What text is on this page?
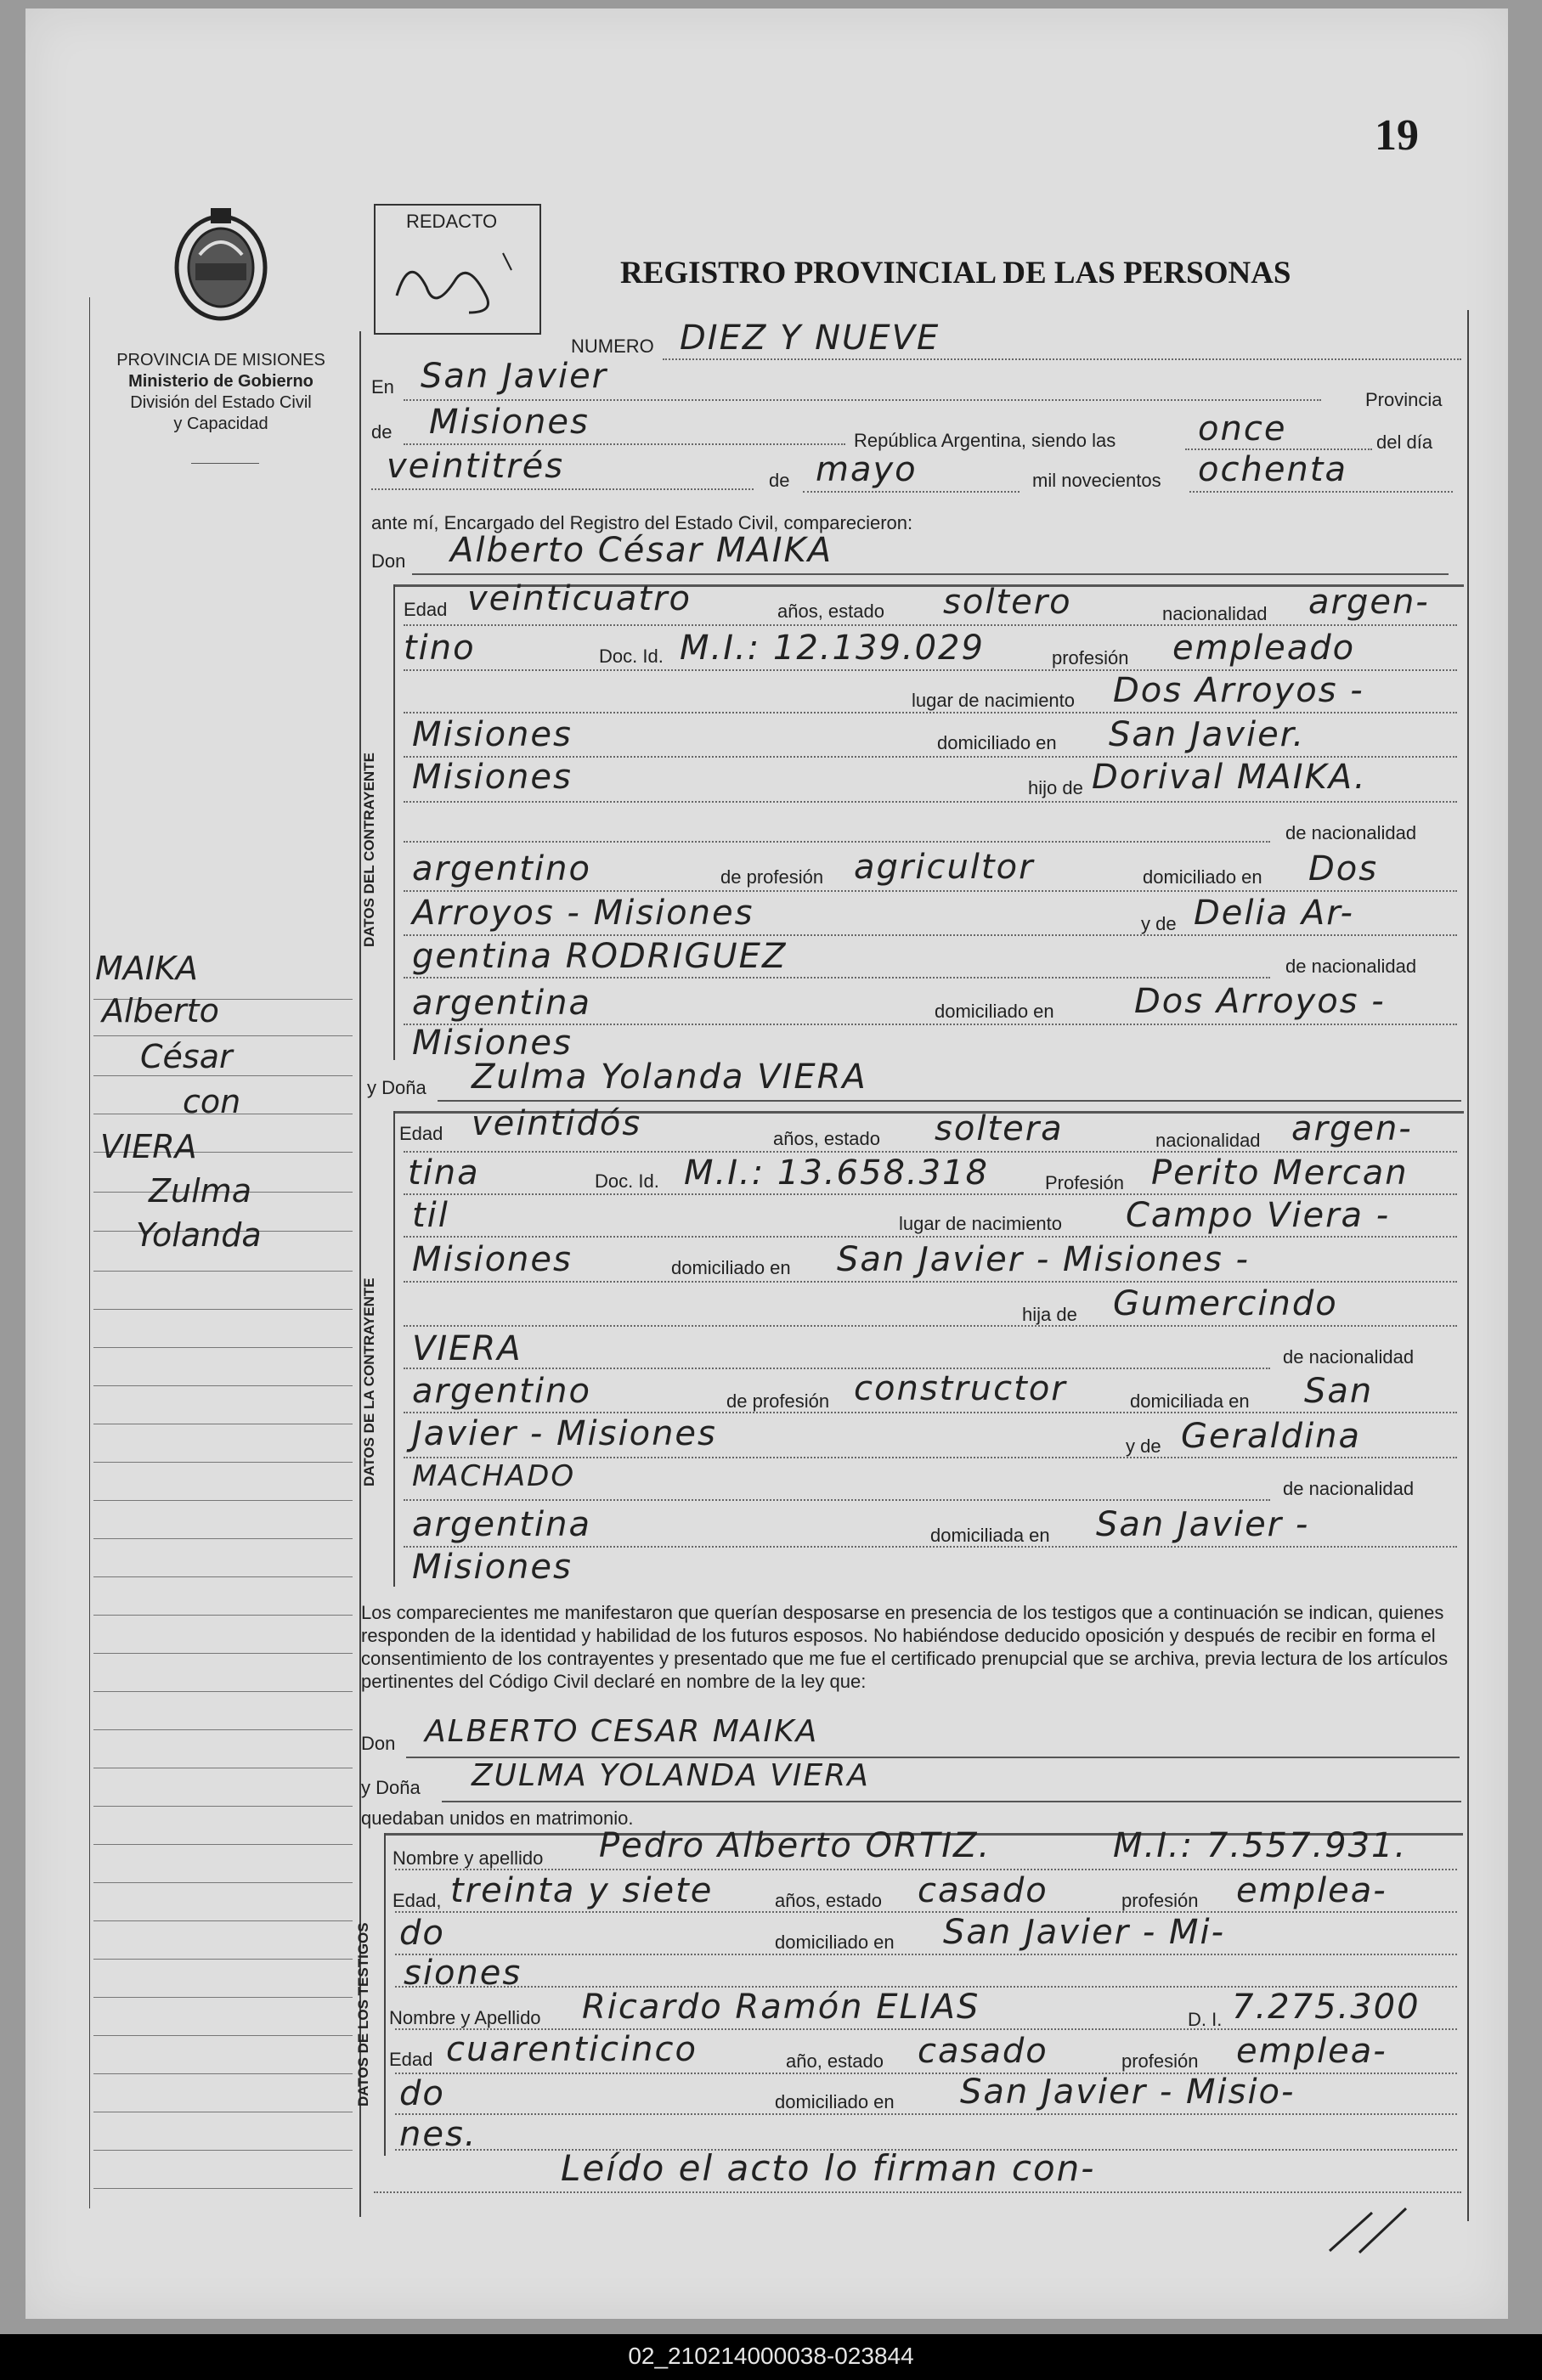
19
PROVINCIA DE MISIONES
Ministerio de Gobierno
División del Estado Civil
y Capacidad
REDACTO
REGISTRO PROVINCIAL DE LAS PERSONAS
MAIKA
Alberto
César
con
VIERA
Zulma
Yolanda
NUMERO DIEZ Y NUEVE
En San Javier
Provincia
de Misiones	República Argentina, siendo las once	del día
veintitrés	de mayo	mil novecientos ochenta
ante mí, Encargado del Registro del Estado Civil, comparecieron:
Don Alberto César MAIKA
DATOS DEL CONTRAYENTE
Edad veinticuatro	años, estado soltero	nacionalidad argen-
tino	Doc. Id. M.I.: 12.139.029	profesión empleado
lugar de nacimiento Dos Arroyos -
Misiones	domiciliado en San Javier.
Misiones	hijo de Dorival MAIKA.
de nacionalidad
argentino	de profesión agricultor	domiciliado en Dos
Arroyos - Misiones	y de Delia Ar-
gentina RODRIGUEZ	de nacionalidad
argentina	domiciliado en Dos Arroyos -
Misiones
y Doña Zulma Yolanda VIERA
DATOS DE LA CONTRAYENTE
Edad veintidós	años, estado soltera	nacionalidad argen-
tina	Doc. Id. M.I.: 13.658.318	Profesión Perito Mercan
til	lugar de nacimiento Campo Viera -
Misiones	domiciliado en San Javier - Misiones -
hija de Gumercindo
VIERA	de nacionalidad
argentino	de profesión constructor	domiciliada en San
Javier - Misiones	y de Geraldina
MACHADO	de nacionalidad
argentina	domiciliada en San Javier -
Misiones
Los comparecientes me manifestaron que querían desposarse en presencia de los testigos que a continuación se indican, quienes responden de la identidad y habilidad de los futuros esposos. No habiéndose deducido oposición y después de recibir en forma el consentimiento de los contrayentes y presentado que me fue el certificado prenupcial que se archiva, previa lectura de los artículos pertinentes del Código Civil declaré en nombre de la ley que:
Don ALBERTO CESAR MAIKA
y Doña ZULMA YOLANDA VIERA
quedaban unidos en matrimonio.
DATOS DE LOS TESTIGOS
Nombre y apellido Pedro Alberto ORTIZ.	M.I.: 7.557.931.
Edad, treinta y siete	años, estado casado	profesión emplea-
do	domiciliado en San Javier - Mi-
siones
Nombre y Apellido Ricardo Ramón ELIAS	D. I. 7.275.300
Edad cuarenticinco	año, estado casado	profesión emplea-
do	domiciliado en San Javier - Misio-
nes.
Leído el acto lo firman con-
02_210214000038-023844
